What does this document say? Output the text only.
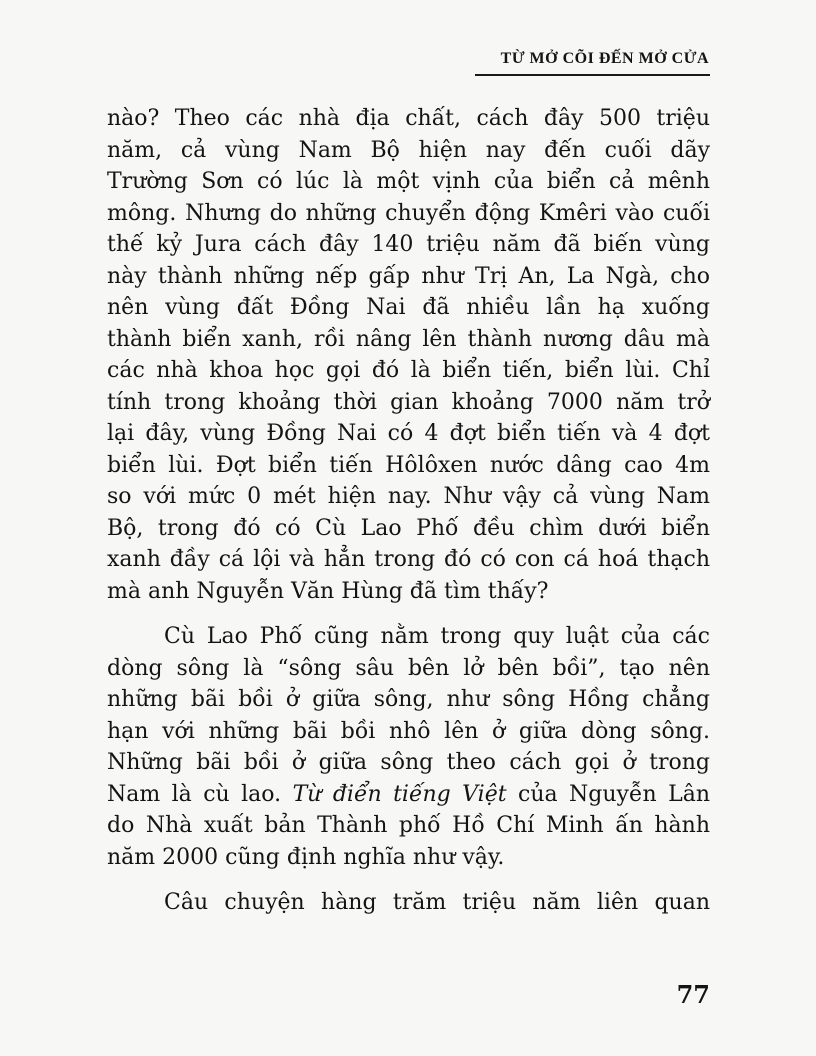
TỪ MỞ CÕI ĐẾN MỞ CỬA

nào? Theo các nhà địa chất, cách đây 500 triệu
năm, cả vùng Nam Bộ hiện nay đến cuối dãy
Trường Sơn có lúc là một vịnh của biển cả mênh
mông. Nhưng do những chuyển động Kmêri vào cuối
thế kỷ Jura cách đây 140 triệu năm đã biến vùng
này thành những nếp gấp như Trị An, La Ngà, cho
nên vùng đất Đồng Nai đã nhiều lần hạ xuống
thành biển xanh, rồi nâng lên thành nương dâu mà
các nhà khoa học gọi đó là biển tiến, biển lùi. Chỉ
tính trong khoảng thời gian khoảng 7000 năm trở
lại đây, vùng Đồng Nai có 4 đợt biển tiến và 4 đợt
biển lùi. Đợt biển tiến Hôlôxen nước dâng cao 4m
so với mức 0 mét hiện nay. Như vậy cả vùng Nam
Bộ, trong đó có Cù Lao Phố đều chìm dưới biển
xanh đầy cá lội và hẳn trong đó có con cá hoá thạch
mà anh Nguyễn Văn Hùng đã tìm thấy?

Cù Lao Phố cũng nằm trong quy luật của các
dòng sông là “sông sâu bên lở bên bồi”, tạo nên
những bãi bồi ở giữa sông, như sông Hồng chẳng
hạn với những bãi bồi nhô lên ở giữa dòng sông.
Những bãi bồi ở giữa sông theo cách gọi ở trong
Nam là cù lao. Từ điển tiếng Việt của Nguyễn Lân
do Nhà xuất bản Thành phố Hồ Chí Minh ấn hành
năm 2000 cũng định nghĩa như vậy.

Câu chuyện hàng trăm triệu năm liên quan

77
